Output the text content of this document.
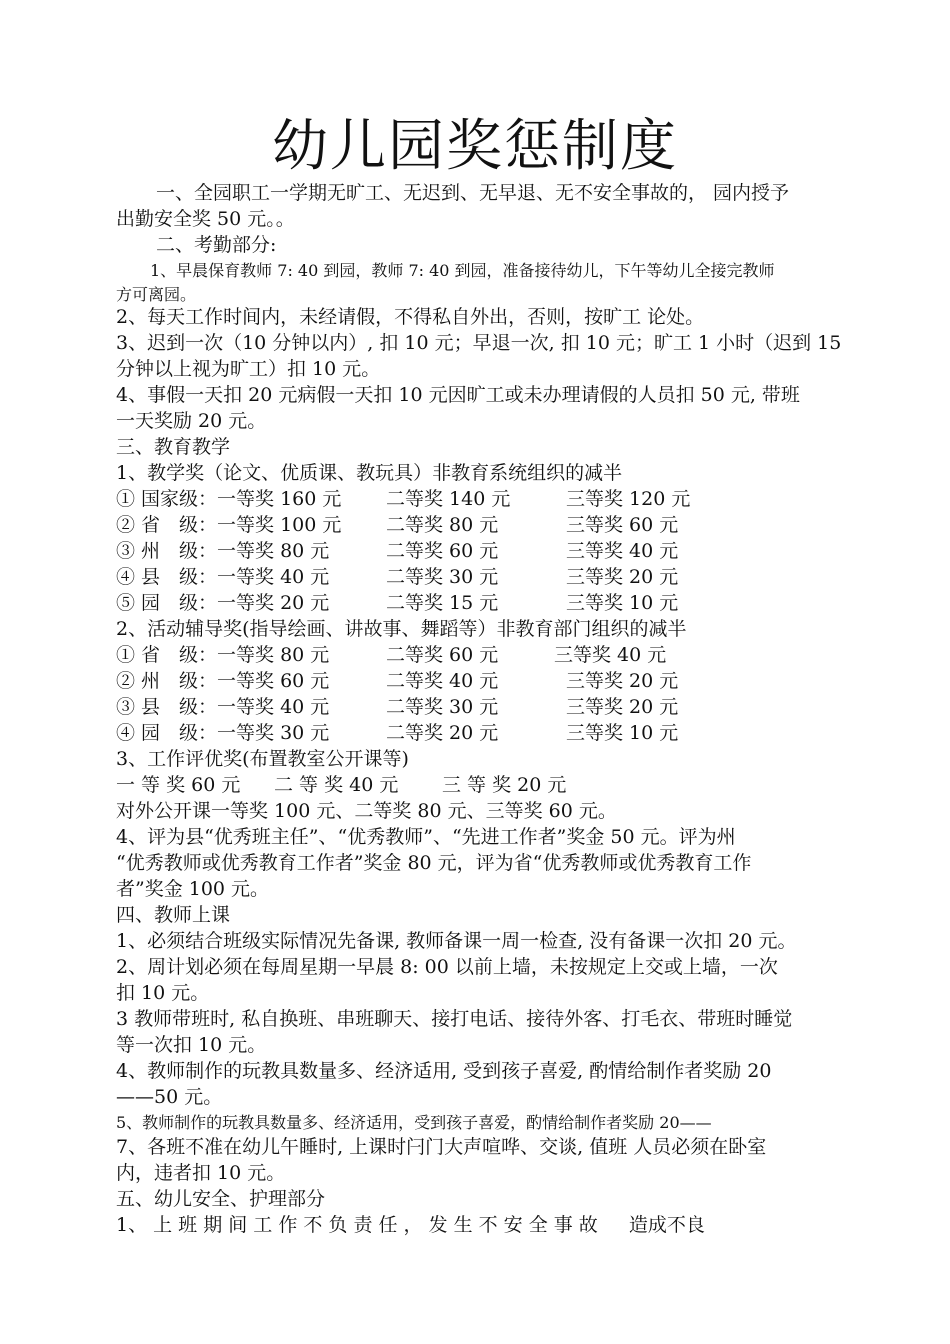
幼儿园奖惩制度
一、全园职工一学期无旷工、无迟到、无早退、无不安全事故的， 园内授予
出勤安全奖 50 元。。
二、考勤部分:
1、早晨保育教师 7: 40 到园，教师 7: 40 到园，准备接待幼儿，下午等幼儿全接完教师
方可离园。
2、每天工作时间内，未经请假，不得私自外出，否则，按旷工 论处。
3、迟到一次（10 分钟以内）, 扣 10 元；早退一次, 扣 10 元；旷工 1 小时（迟到 15
分钟以上视为旷工）扣 10 元。
4、事假一天扣 20 元病假一天扣 10 元因旷工或未办理请假的人员扣 50 元, 带班
一天奖励 20 元。
三、教育教学
1、教学奖（论文、优质课、教玩具）非教育系统组织的减半
① 国家级：一等奖 160 元 二等奖 140 元	三等奖 120 元
② 省　级：一等奖 100 元 二等奖 80 元	三等奖 60 元
③ 州　级：一等奖 80 元	二等奖 60 元	三等奖 40 元
④ 县　级：一等奖 40 元	二等奖 30 元	三等奖 20 元
⑤ 园　级：一等奖 20 元	二等奖 15 元	三等奖 10 元
2、活动辅导奖(指导绘画、讲故事、舞蹈等）非教育部门组织的减半
① 省　级：一等奖 80 元	二等奖 60 元	三等奖 40 元
② 州　级：一等奖 60 元	二等奖 40 元	三等奖 20 元
③ 县　级：一等奖 40 元	二等奖 30 元	三等奖 20 元
④ 园　级：一等奖 30 元	二等奖 20 元	三等奖 10 元
3、工作评优奖(布置教室公开课等)
一 等 奖 60 元 二 等 奖 40 元 三 等 奖 20 元
对外公开课一等奖 100 元、二等奖 80 元、三等奖 60 元。
4、评为县“优秀班主任”、“优秀教师”、“先进工作者”奖金 50 元。评为州
“优秀教师或优秀教育工作者”奖金 80 元，评为省“优秀教师或优秀教育工作
者”奖金 100 元。
四、教师上课
1、必须结合班级实际情况先备课, 教师备课一周一检查, 没有备课一次扣 20 元。
2、周计划必须在每周星期一早晨 8: 00 以前上墙，未按规定上交或上墙，一次
扣 10 元。
3 教师带班时, 私自换班、串班聊天、接打电话、接待外客、打毛衣、带班时睡觉
等一次扣 10 元。
4、教师制作的玩教具数量多、经济适用, 受到孩子喜爱, 酌情给制作者奖励 20
——50 元。
5、教师制作的玩教具数量多、经济适用，受到孩子喜爱，酌情给制作者奖励 20——
7、各班不准在幼儿午睡时, 上课时闩门大声喧哗、交谈, 值班 人员必须在卧室
内，违者扣 10 元。
五、幼儿安全、护理部分
1、 上 班 期 间 工 作 不 负 责 任 ， 发 生 不 安 全 事 故 　 造成不良
